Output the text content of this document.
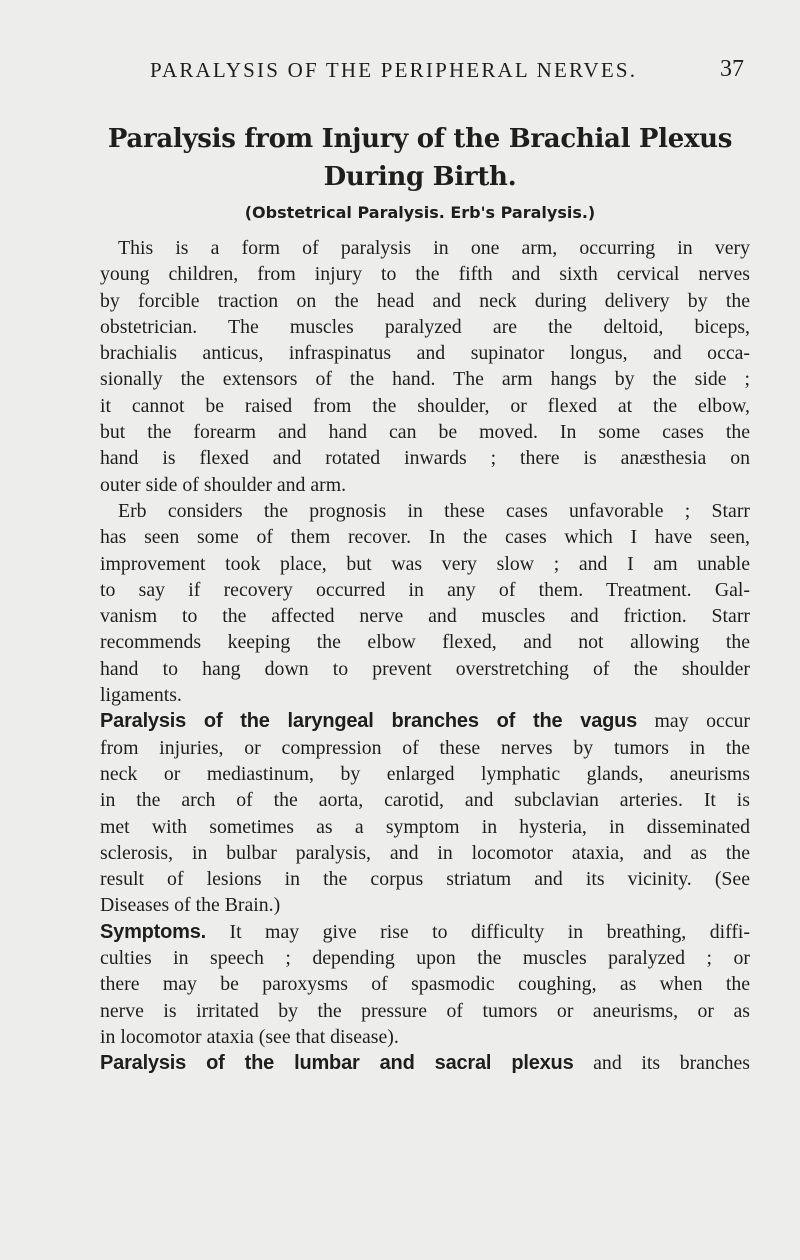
PARALYSIS OF THE PERIPHERAL NERVES.	37
Paralysis from Injury of the Brachial Plexus
During Birth.
(Obstetrical Paralysis. Erb's Paralysis.)

This is a form of paralysis in one arm, occurring in very
young children, from injury to the fifth and sixth cervical nerves
by forcible traction on the head and neck during delivery by the
obstetrician. The muscles paralyzed are the deltoid, biceps,
brachialis anticus, infraspinatus and supinator longus, and occa-
sionally the extensors of the hand. The arm hangs by the side ;
it cannot be raised from the shoulder, or flexed at the elbow,
but the forearm and hand can be moved. In some cases the
hand is flexed and rotated inwards ; there is anæsthesia on
outer side of shoulder and arm.

Erb considers the prognosis in these cases unfavorable ; Starr
has seen some of them recover. In the cases which I have seen,
improvement took place, but was very slow ; and I am unable
to say if recovery occurred in any of them. Treatment. Gal-
vanism to the affected nerve and muscles and friction. Starr
recommends keeping the elbow flexed, and not allowing the
hand to hang down to prevent overstretching of the shoulder
ligaments.

Paralysis of the laryngeal branches of the vagus may occur
from injuries, or compression of these nerves by tumors in the
neck or mediastinum, by enlarged lymphatic glands, aneurisms
in the arch of the aorta, carotid, and subclavian arteries. It is
met with sometimes as a symptom in hysteria, in disseminated
sclerosis, in bulbar paralysis, and in locomotor ataxia, and as the
result of lesions in the corpus striatum and its vicinity. (See
Diseases of the Brain.)

Symptoms. It may give rise to difficulty in breathing, diffi-
culties in speech ; depending upon the muscles paralyzed ; or
there may be paroxysms of spasmodic coughing, as when the
nerve is irritated by the pressure of tumors or aneurisms, or as
in locomotor ataxia (see that disease).

Paralysis of the lumbar and sacral plexus and its branches
